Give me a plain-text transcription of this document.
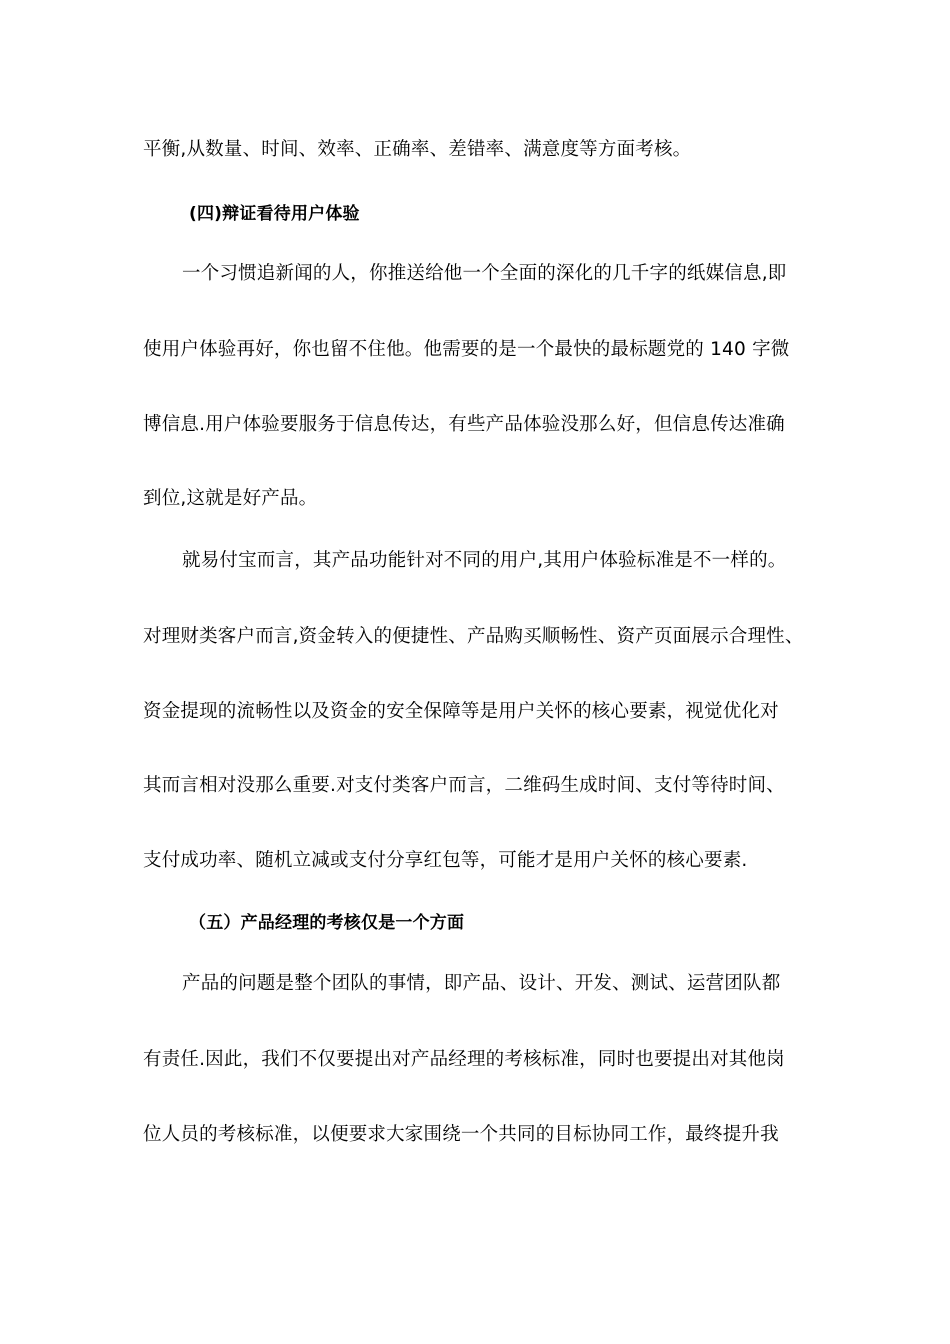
平衡,从数量、时间、效率、正确率、差错率、满意度等方面考核。
(四)辩证看待用户体验
一个习惯追新闻的人，你推送给他一个全面的深化的几千字的纸媒信息,即
使用户体验再好，你也留不住他。他需要的是一个最快的最标题党的 140 字微
博信息.用户体验要服务于信息传达，有些产品体验没那么好，但信息传达准确
到位,这就是好产品。
就易付宝而言，其产品功能针对不同的用户,其用户体验标准是不一样的。
对理财类客户而言,资金转入的便捷性、产品购买顺畅性、资产页面展示合理性、
资金提现的流畅性以及资金的安全保障等是用户关怀的核心要素，视觉优化对
其而言相对没那么重要.对支付类客户而言，二维码生成时间、支付等待时间、
支付成功率、随机立减或支付分享红包等，可能才是用户关怀的核心要素.
（五）产品经理的考核仅是一个方面
产品的问题是整个团队的事情，即产品、设计、开发、测试、运营团队都
有责任.因此，我们不仅要提出对产品经理的考核标准，同时也要提出对其他岗
位人员的考核标准，以便要求大家围绕一个共同的目标协同工作，最终提升我
